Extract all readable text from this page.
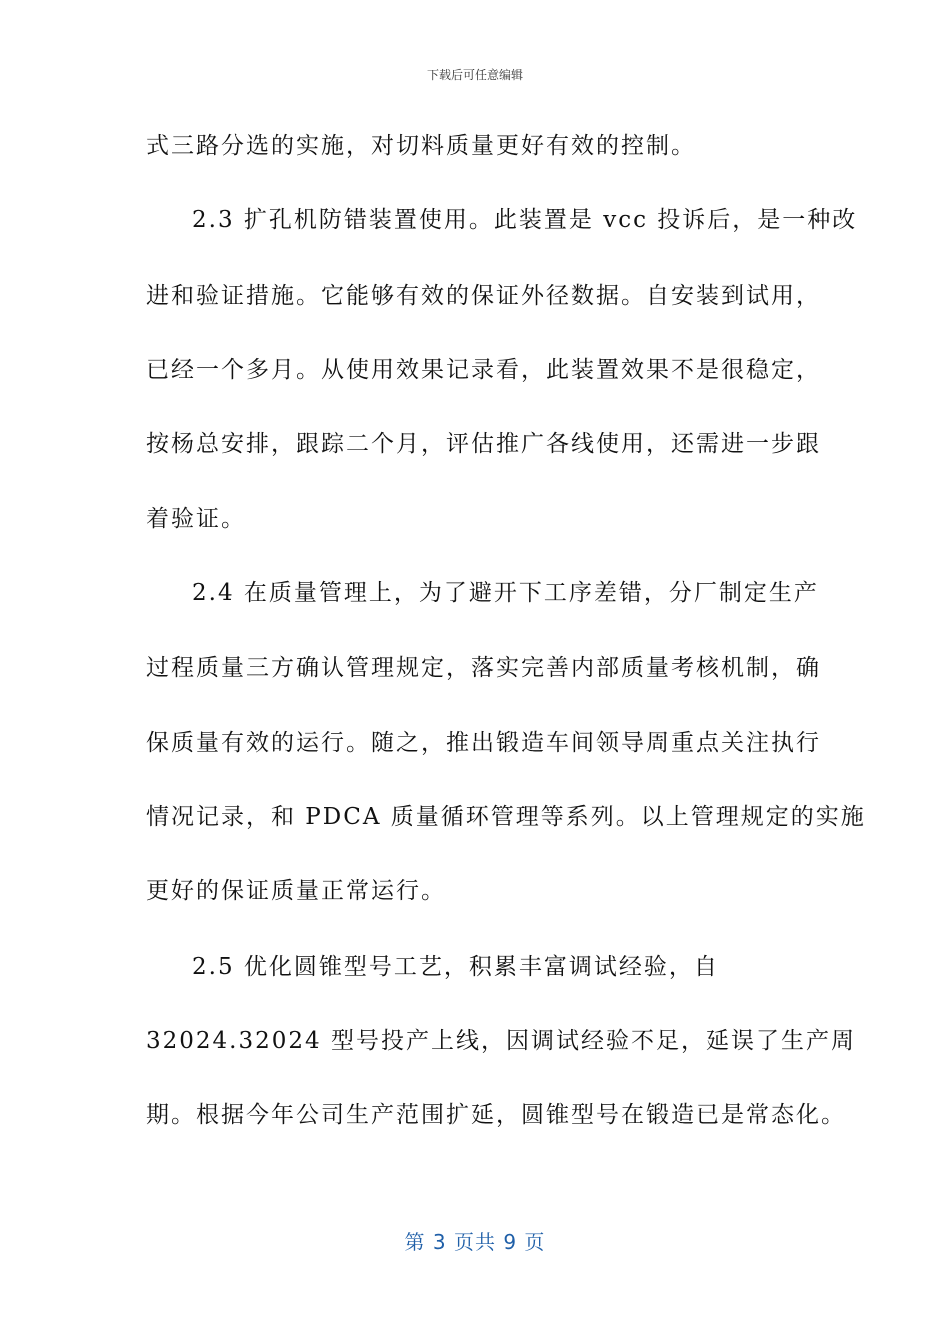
下载后可任意编辑
式三路分选的实施，对切料质量更好有效的控制。
2.3 扩孔机防错装置使用。此装置是 vcc 投诉后，是一种改
进和验证措施。它能够有效的保证外径数据。自安装到试用，
已经一个多月。从使用效果记录看，此装置效果不是很稳定，
按杨总安排，跟踪二个月，评估推广各线使用，还需进一步跟
着验证。
2.4 在质量管理上，为了避开下工序差错，分厂制定生产
过程质量三方确认管理规定，落实完善内部质量考核机制，确
保质量有效的运行。随之，推出锻造车间领导周重点关注执行
情况记录，和 PDCA 质量循环管理等系列。以上管理规定的实施
更好的保证质量正常运行。
2.5 优化圆锥型号工艺，积累丰富调试经验，自
32024.32024 型号投产上线，因调试经验不足，延误了生产周
期。根据今年公司生产范围扩延，圆锥型号在锻造已是常态化。
第 3 页共 9 页
